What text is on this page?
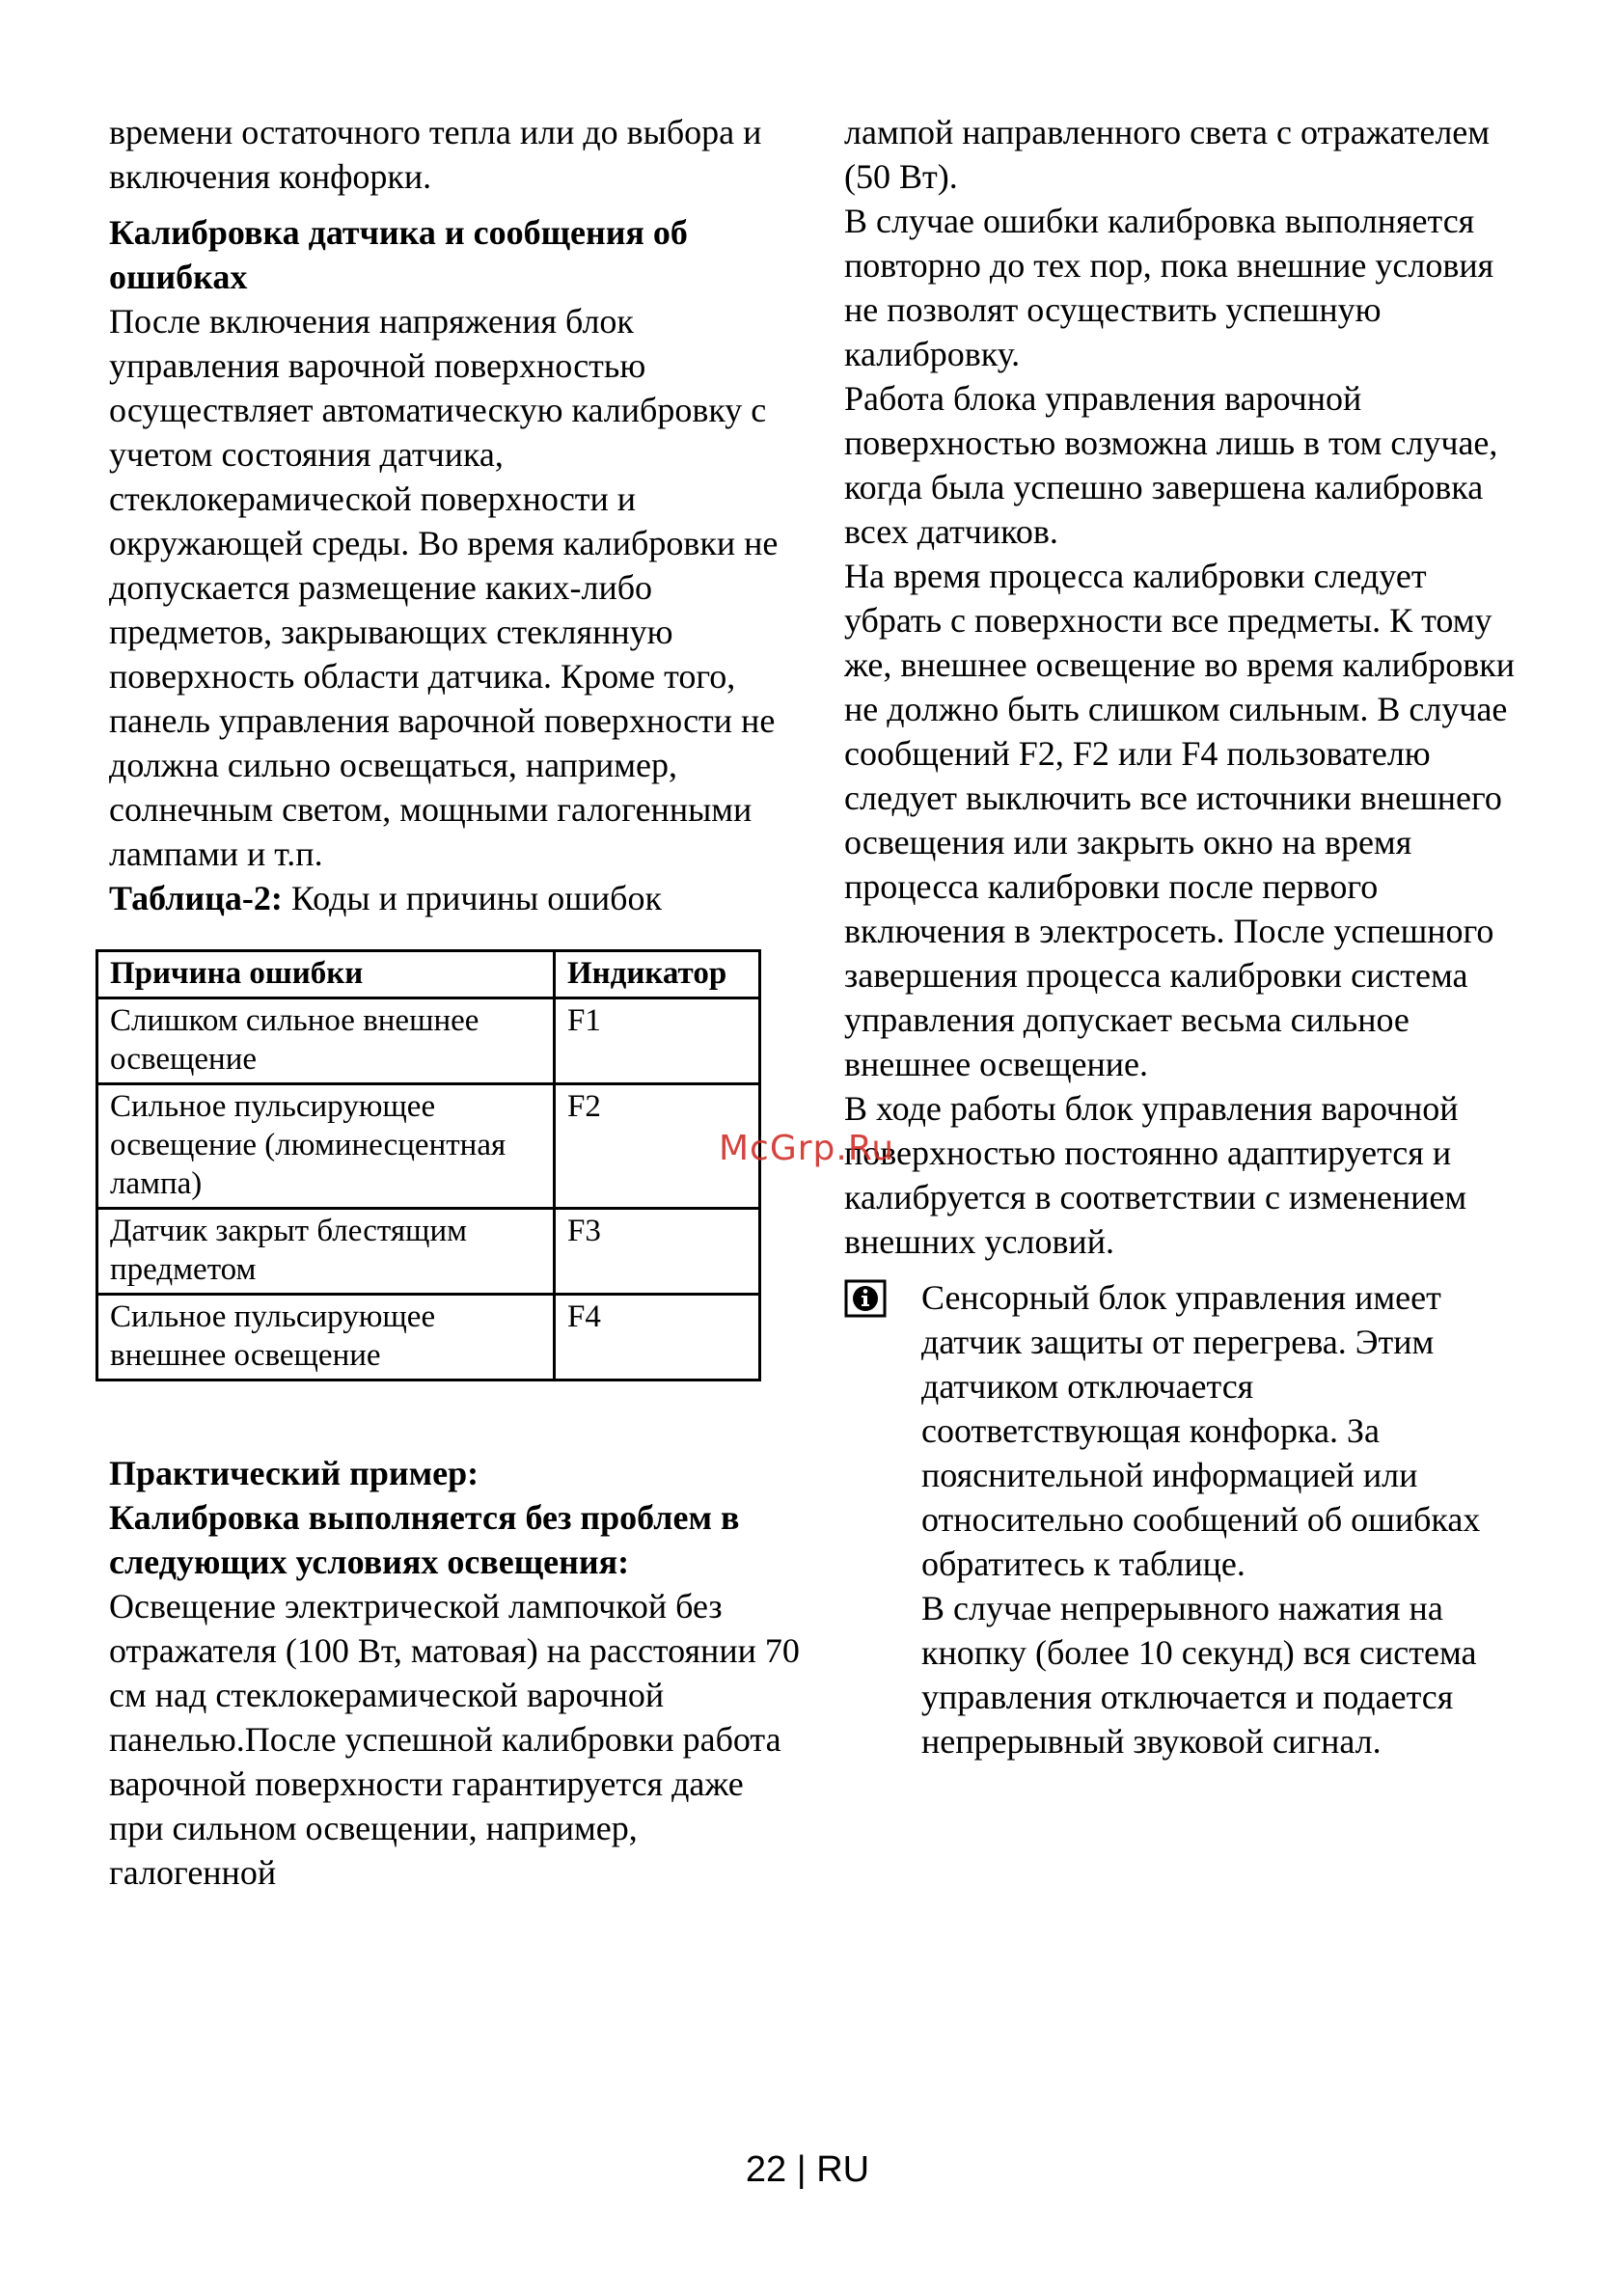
времени остаточного тепла или до выбора и включения конфорки.

Калибровка датчика и сообщения об ошибках

После включения напряжения блок управления варочной поверхностью осуществляет автоматическую калибровку с учетом состояния датчика, стеклокерамической поверхности и окружающей среды. Во время калибровки не допускается размещение каких-либо предметов, закрывающих стеклянную поверхность области датчика. Кроме того, панель управления варочной поверхности не должна сильно освещаться, например, солнечным светом, мощными галогенными лампами и т.п.

Таблица-2: Коды и причины ошибок

Причина ошибки	Индикатор
Слишком сильное внешнее освещение	F1
Сильное пульсирующее освещение (люминесцентная лампа)	F2
Датчик закрыт блестящим предметом	F3
Сильное пульсирующее внешнее освещение	F4
Практический пример:
Калибровка выполняется без проблем в следующих условиях освещения:

Освещение электрической лампочкой без отражателя (100 Вт, матовая) на расстоянии 70 см над стеклокерамической варочной панелью.После успешной калибровки работа варочной поверхности гарантируется даже при сильном освещении, например, галогенной

лампой направленного света с отражателем (50 Вт).

В случае ошибки калибровка выполняется повторно до тех пор, пока внешние условия не позволят осуществить успешную калибровку.

Работа блока управления варочной поверхностью возможна лишь в том случае, когда была успешно завершена калибровка всех датчиков.

На время процесса калибровки следует убрать с поверхности все предметы. К тому же, внешнее освещение во время калибровки не должно быть слишком сильным. В случае сообщений F2, F2 или F4 пользователю следует выключить все источники внешнего освещения или закрыть окно на время процесса калибровки после первого включения в электросеть. После успешного завершения процесса калибровки система управления допускает весьма сильное внешнее освещение.

В ходе работы блок управления варочной поверхностью постоянно адаптируется и калибруется в соответствии с изменением внешних условий.

Сенсорный блок управления имеет датчик защиты от перегрева. Этим датчиком отключается соответствующая конфорка. За пояснительной информацией или относительно сообщений об ошибках обратитесь к таблице.

В случае непрерывного нажатия на кнопку (более 10 секунд) вся система управления отключается и подается непрерывный звуковой сигнал.

McGrp.Ru
22 | RU
